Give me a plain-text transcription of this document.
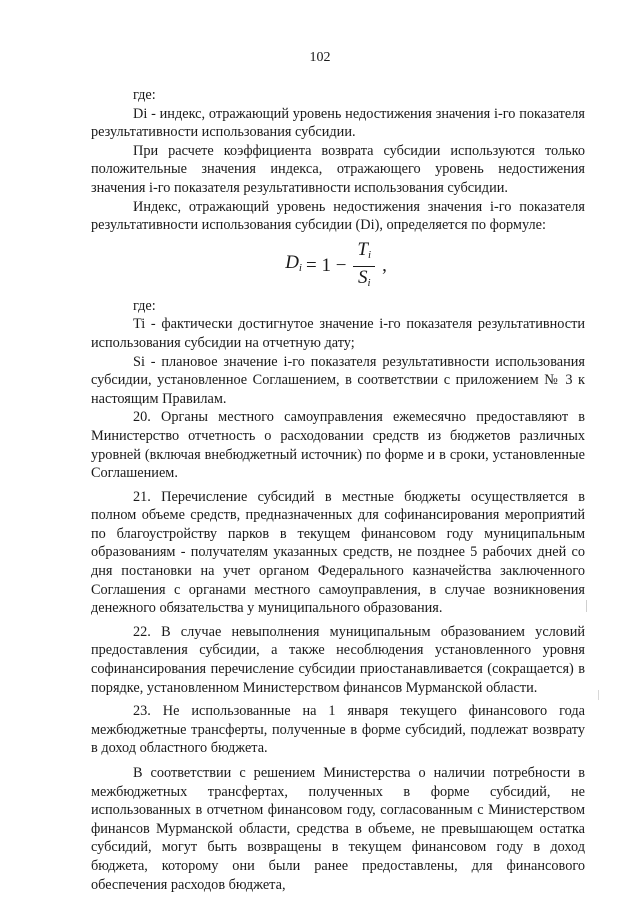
102

где:

Di - индекс, отражающий уровень недостижения значения i-го показателя результативности использования субсидии.

При расчете коэффициента возврата субсидии используются только положительные значения индекса, отражающего уровень недостижения значения i-го показателя результативности использования субсидии.

Индекс, отражающий уровень недостижения значения i-го показателя результативности использования субсидии (Di), определяется по формуле:

$D_i = 1 - \frac{T_i}{S_i}$ ,

где:

Ti - фактически достигнутое значение i-го показателя результативности использования субсидии на отчетную дату;

Si - плановое значение i-го показателя результативности использования субсидии, установленное Соглашением, в соответствии с приложением № 3 к настоящим Правилам.

20. Органы местного самоуправления ежемесячно предоставляют в Министерство отчетность о расходовании средств из бюджетов различных уровней (включая внебюджетный источник) по форме и в сроки, установленные Соглашением.

21. Перечисление субсидий в местные бюджеты осуществляется в полном объеме средств, предназначенных для софинансирования мероприятий по благоустройству парков в текущем финансовом году муниципальным образованиям - получателям указанных средств, не позднее 5 рабочих дней со дня постановки на учет органом Федерального казначейства заключенного Соглашения с органами местного самоуправления, в случае возникновения денежного обязательства у муниципального образования.

22. В случае невыполнения муниципальным образованием условий предоставления субсидии, а также несоблюдения установленного уровня софинансирования перечисление субсидии приостанавливается (сокращается) в порядке, установленном Министерством финансов Мурманской области.

23. Не использованные на 1 января текущего финансового года межбюджетные трансферты, полученные в форме субсидий, подлежат возврату в доход областного бюджета.

В соответствии с решением Министерства о наличии потребности в межбюджетных трансфертах, полученных в форме субсидий, не использованных в отчетном финансовом году, согласованным с Министерством финансов Мурманской области, средства в объеме, не превышающем остатка субсидий, могут быть возвращены в текущем финансовом году в доход бюджета, которому они были ранее предоставлены, для финансового обеспечения расходов бюджета,
